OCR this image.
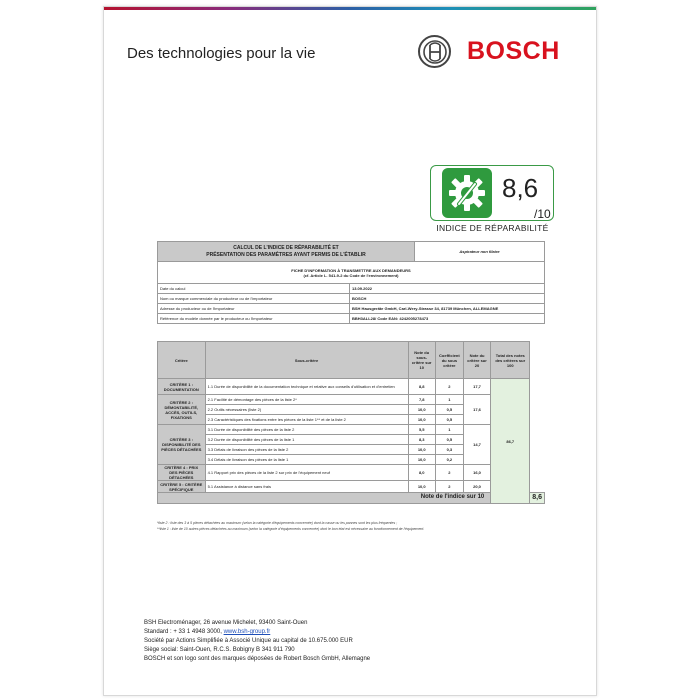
Des technologies pour la vie	BOSCH
8,6
/10
INDICE DE RÉPARABILITÉ
CALCUL DE L'INDICE DE RÉPARABILITÉ ET
PRÉSENTATION DES PARAMÈTRES AYANT PERMIS DE L'ÉTABLIR		Aspirateur non filaire
FICHE D'INFORMATION À TRANSMETTRE AUX DEMANDEURS
(cf. Article L. 541-9-2 du Code de l'environnement)		
Date du calcul	13.09.2022	
Nom ou marque commerciale du producteur ou de l'importateur	BOSCH	
Adresse du producteur ou de l'importateur	BSH Hausgeräte GmbH, Carl-Wery-Strasse 34, 81739 München, ALLEMAGNE	
Référence du modèle donnée par le producteur ou l'importateur	BBH3ALL28/ Code EAN: 4242005278473	
Critère	Sous-critère	Note du sous-critère sur 10	Coefficient du sous critère	Note du critère sur 20	Total des notes des critères sur 100	
CRITÈRE 1 : DOCUMENTATION	1.1 Durée de disponibilité de la documentation technique et relative aux conseils d'utilisation et d'entretien	8,8	2	17,7	86,7	
CRITÈRE 2 : DÉMONTABILITÉ, ACCÈS, OUTILS, FIXATIONS	2.1 Facilité de démontage des pièces de la liste 2*	7,8	1	17,6		
	2.2 Outils nécessaires (liste 2)	10,0	0,5			
	2.3 Caractéristiques des fixations entre les pièces de la liste 1** et de la liste 2	10,0	0,5			
CRITÈRE 3 : DISPONIBILITÉ DES PIÈCES DÉTACHÉES	3.1 Durée de disponibilité des pièces de la liste 2	5,5	1	14,7		
	3.2 Durée de disponibilité des pièces de la liste 1	8,3	0,5			
	3.3 Délais de livraison des pièces de la liste 2	10,0	0,3			
	3.4 Délais de livraison des pièces de la liste 1	10,0	0,2			
CRITÈRE 4 : PRIX DES PIÈCES DÉTACHÉES	4.1 Rapport prix des pièces de la liste 2 sur prix de l'équipement neuf	8,0	2	16,0		
CRITÈRE 5 : CRITÈRE SPÉCIFIQUE	5.1 Assistance à distance sans frais	10,0	2	20,0		
Note de l'indice sur 10						8,6
*liste 2 : liste des 3 à 5 pièces détachées au maximum (selon la catégorie d'équipements concernée) dont la casse ou les pannes sont les plus fréquentes ;
**liste 1 : liste de 10 autres pièces détachées au maximum (selon la catégorie d'équipements concernée) dont le bon état est nécessaire au fonctionnement de l'équipement.
BSH Electroménager, 26 avenue Michelet, 93400 Saint-Ouen
Standard : + 33 1 4948 3000, www.bsh-group.fr
Société par Actions Simplifiée à Associé Unique au capital de 10.675.000 EUR
Siège social: Saint-Ouen, R.C.S. Bobigny B 341 911 790
BOSCH et son logo sont des marques déposées de Robert Bosch GmbH, Allemagne
